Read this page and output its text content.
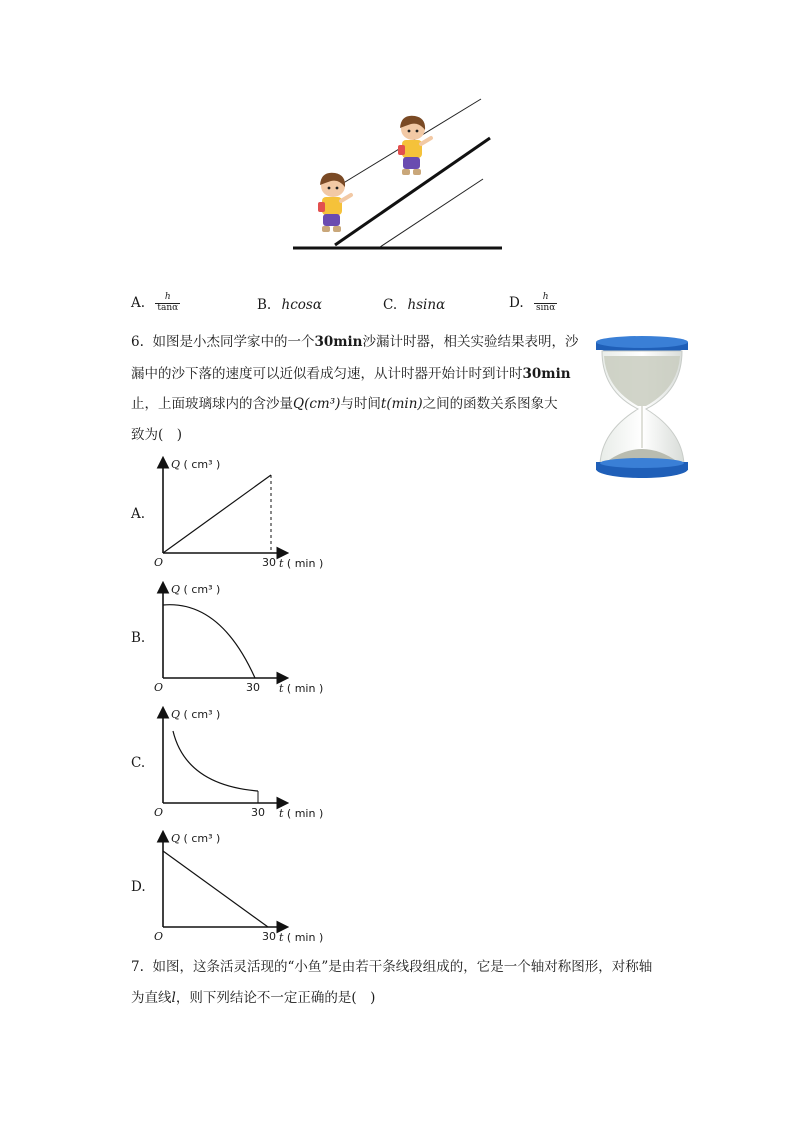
A. $\frac{h}{\tan\alpha}$	B. hcosα	C. hsinα	D. $\frac{h}{\sin\alpha}$
6. 如图是小杰同学家中的一个30min沙漏计时器，相关实验结果表明，沙
漏中的沙下落的速度可以近似看成匀速，从计时器开始计时到计时30min
止，上面玻璃球内的含沙量Q(cm³)与时间t(min)之间的函数关系图象大
致为(　)
A.
B.
C.
D.
Q ( cm³ )
O	30 t ( min )
Q ( cm³ )
O	30 t ( min )
Q ( cm³ )
O	30 t ( min )
Q ( cm³ )
O	30 t ( min )
7. 如图，这条活灵活现的“小鱼”是由若干条线段组成的，它是一个轴对称图形，对称轴
为直线l，则下列结论不一定正确的是(　)
